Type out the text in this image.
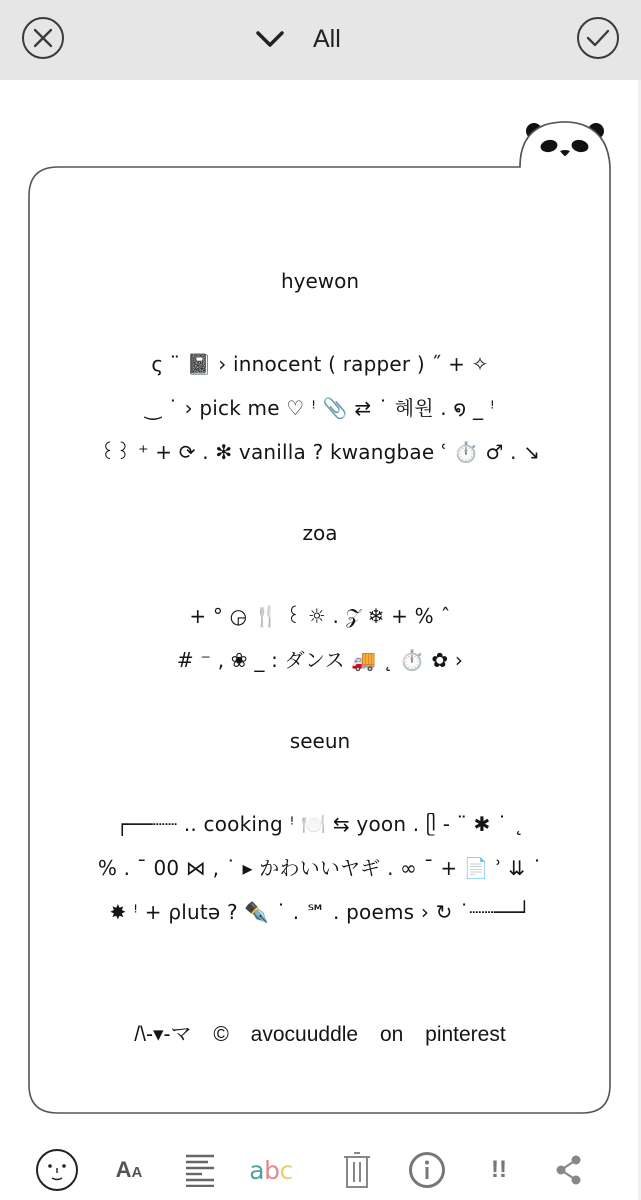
All
hyewon
ς ¨ 📓 › innocent ( rapper ) ˝ + ✧
‿ ˙ › pick me ♡ ꜝ 📎 ⇄ ˙ 혜원 . ໑ _ ꜝ
꒰꒱ ⁺ + ⟳ . ✻ vanilla ? kwangbae ʿ ⏱️ ♂ . ↘
zoa
+ ° ◶ 🍴 ꒰ ☼ . 𝒵 ❄ + % ˆ
# ⁻ , ❀ _ : ダンス 🚚 ˛ ⏱️ ✿ ›
seeun
┌──┈┈ .. cooking ꜝ 🍽️ ⇆ yoon . ᥫ - ¨ ✱ ˙ ˛
% . ¯ 00 ⋈ , ˙ ▸ かわいいヤギ . ∞ ¯ + 📄 ʾ ⇊ ˙
✸ ꜝ + ρlutə ? ✒️ ˙ . ℠ . poems › ↻ ˙┈┈──┘
/\-▾-マ © avocuuddle on pinterest
AA	abc	!!
